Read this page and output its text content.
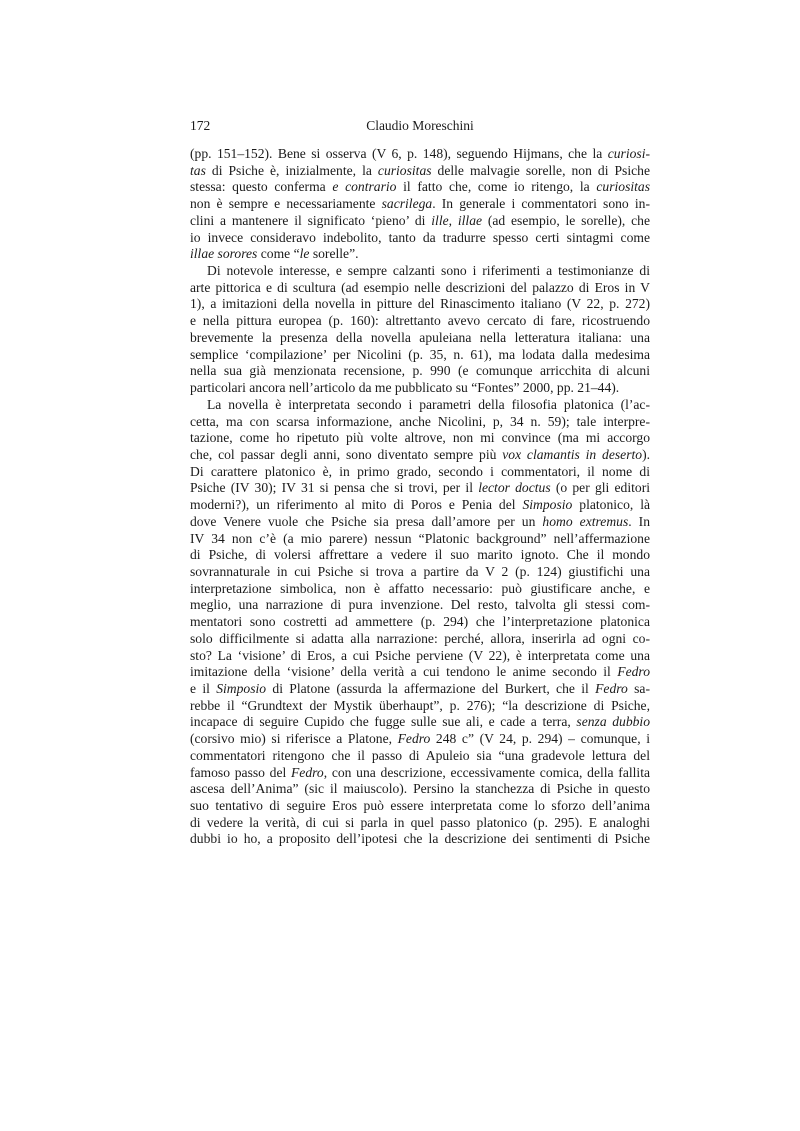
172	Claudio Moreschini
(pp. 151–152). Bene si osserva (V 6, p. 148), seguendo Hijmans, che la curiosi-
tas di Psiche è, inizialmente, la curiositas delle malvagie sorelle, non di Psiche
stessa: questo conferma e contrario il fatto che, come io ritengo, la curiositas
non è sempre e necessariamente sacrilega. In generale i commentatori sono in-
clini a mantenere il significato ‘pieno’ di ille, illae (ad esempio, le sorelle), che
io invece consideravo indebolito, tanto da tradurre spesso certi sintagmi come
illae sorores come “le sorelle”.
Di notevole interesse, e sempre calzanti sono i riferimenti a testimonianze di
arte pittorica e di scultura (ad esempio nelle descrizioni del palazzo di Eros in V
1), a imitazioni della novella in pitture del Rinascimento italiano (V 22, p. 272)
e nella pittura europea (p. 160): altrettanto avevo cercato di fare, ricostruendo
brevemente la presenza della novella apuleiana nella letteratura italiana: una
semplice ‘compilazione’ per Nicolini (p. 35, n. 61), ma lodata dalla medesima
nella sua già menzionata recensione, p. 990 (e comunque arricchita di alcuni
particolari ancora nell’articolo da me pubblicato su “Fontes” 2000, pp. 21–44).
La novella è interpretata secondo i parametri della filosofia platonica (l’ac-
cetta, ma con scarsa informazione, anche Nicolini, p, 34 n. 59); tale interpre-
tazione, come ho ripetuto più volte altrove, non mi convince (ma mi accorgo
che, col passar degli anni, sono diventato sempre più vox clamantis in deserto).
Di carattere platonico è, in primo grado, secondo i commentatori, il nome di
Psiche (IV 30); IV 31 si pensa che si trovi, per il lector doctus (o per gli editori
moderni?), un riferimento al mito di Poros e Penia del Simposio platonico, là
dove Venere vuole che Psiche sia presa dall’amore per un homo extremus. In
IV 34 non c’è (a mio parere) nessun “Platonic background” nell’affermazione
di Psiche, di volersi affrettare a vedere il suo marito ignoto. Che il mondo
sovrannaturale in cui Psiche si trova a partire da V 2 (p. 124) giustifichi una
interpretazione simbolica, non è affatto necessario: può giustificare anche, e
meglio, una narrazione di pura invenzione. Del resto, talvolta gli stessi com-
mentatori sono costretti ad ammettere (p. 294) che l’interpretazione platonica
solo difficilmente si adatta alla narrazione: perché, allora, inserirla ad ogni co-
sto? La ‘visione’ di Eros, a cui Psiche perviene (V 22), è interpretata come una
imitazione della ‘visione’ della verità a cui tendono le anime secondo il Fedro
e il Simposio di Platone (assurda la affermazione del Burkert, che il Fedro sa-
rebbe il “Grundtext der Mystik überhaupt”, p. 276); “la descrizione di Psiche,
incapace di seguire Cupido che fugge sulle sue ali, e cade a terra, senza dubbio
(corsivo mio) si riferisce a Platone, Fedro 248 c” (V 24, p. 294) – comunque, i
commentatori ritengono che il passo di Apuleio sia “una gradevole lettura del
famoso passo del Fedro, con una descrizione, eccessivamente comica, della fallita
ascesa dell’Anima” (sic il maiuscolo). Persino la stanchezza di Psiche in questo
suo tentativo di seguire Eros può essere interpretata come lo sforzo dell’anima
di vedere la verità, di cui si parla in quel passo platonico (p. 295). E analoghi
dubbi io ho, a proposito dell’ipotesi che la descrizione dei sentimenti di Psiche
